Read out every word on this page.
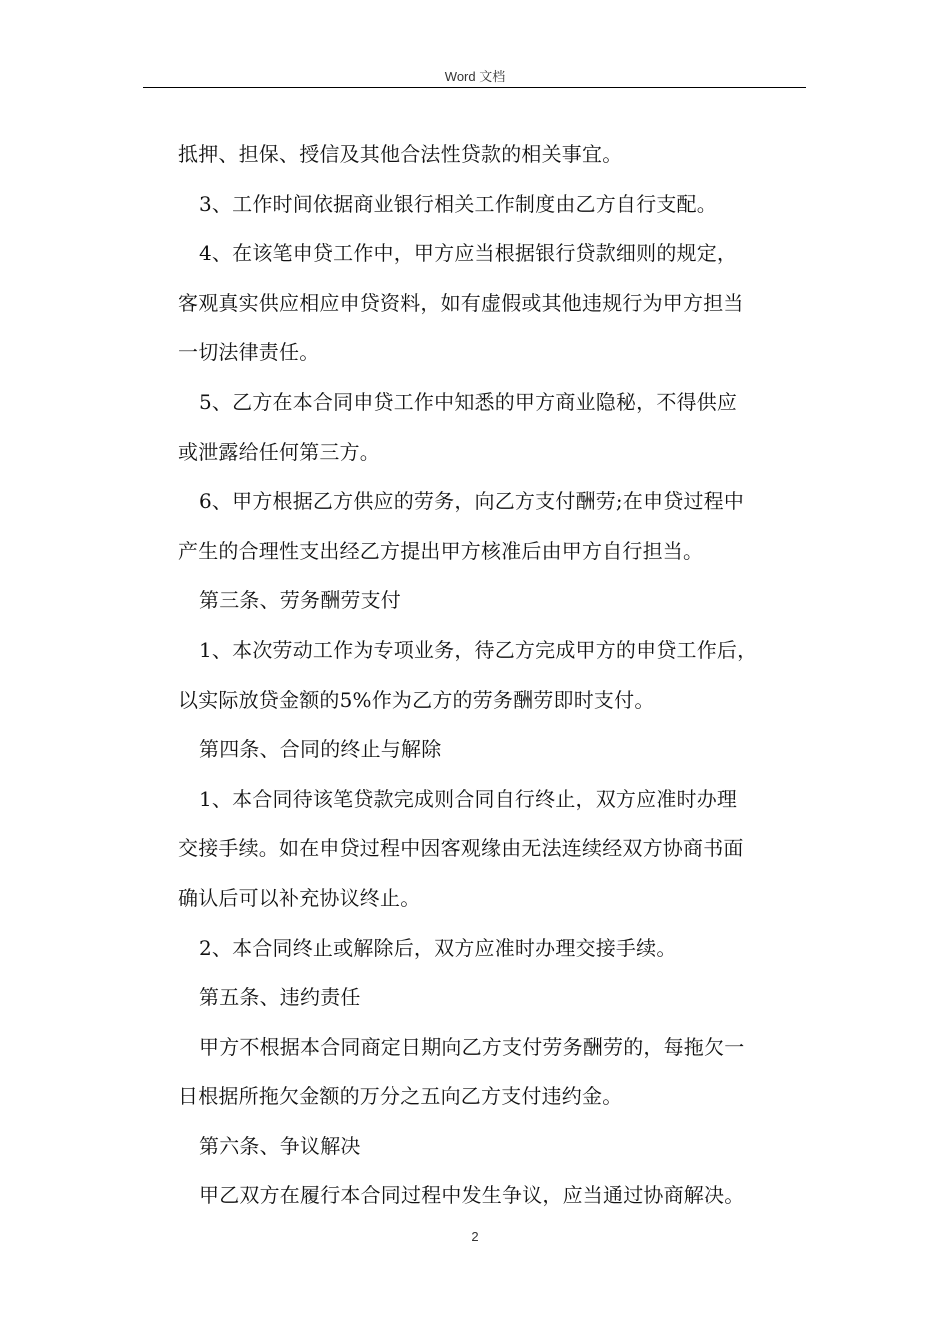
Word 文档
抵押、担保、授信及其他合法性贷款的相关事宜。
3、工作时间依据商业银行相关工作制度由乙方自行支配。
4、在该笔申贷工作中，甲方应当根据银行贷款细则的规定，
客观真实供应相应申贷资料，如有虚假或其他违规行为甲方担当
一切法律责任。
5、乙方在本合同申贷工作中知悉的甲方商业隐秘，不得供应
或泄露给任何第三方。
6、甲方根据乙方供应的劳务，向乙方支付酬劳;在申贷过程中
产生的合理性支出经乙方提出甲方核准后由甲方自行担当。
第三条、劳务酬劳支付
1、本次劳动工作为专项业务，待乙方完成甲方的申贷工作后，
以实际放贷金额的5%作为乙方的劳务酬劳即时支付。
第四条、合同的终止与解除
1、本合同待该笔贷款完成则合同自行终止，双方应准时办理
交接手续。如在申贷过程中因客观缘由无法连续经双方协商书面
确认后可以补充协议终止。
2、本合同终止或解除后，双方应准时办理交接手续。
第五条、违约责任
甲方不根据本合同商定日期向乙方支付劳务酬劳的，每拖欠一
日根据所拖欠金额的万分之五向乙方支付违约金。
第六条、争议解决
甲乙双方在履行本合同过程中发生争议，应当通过协商解决。
2
